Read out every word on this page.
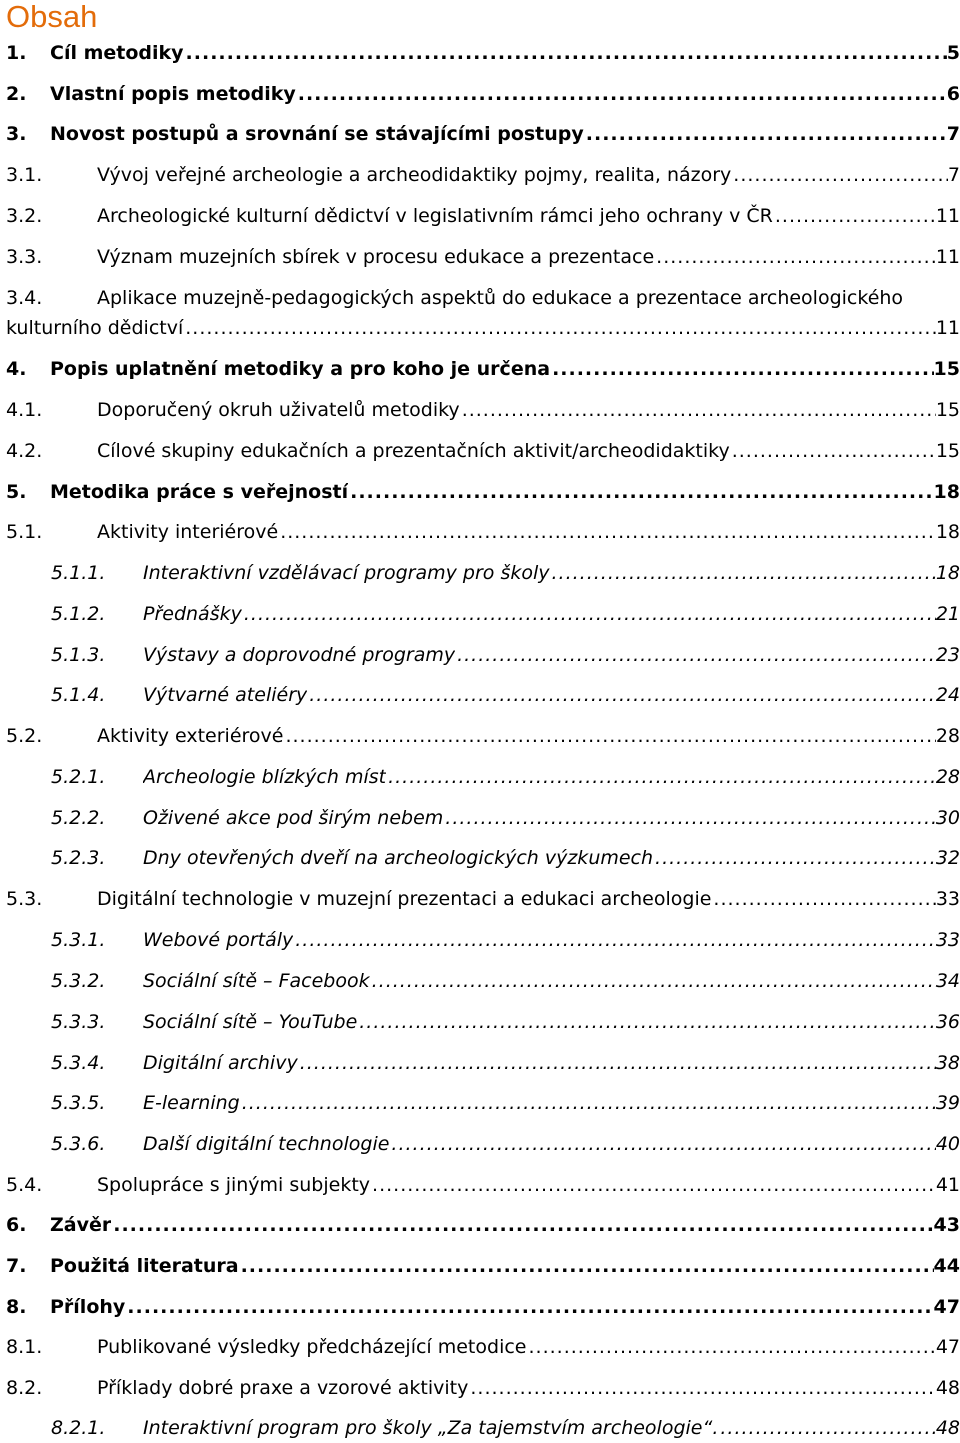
Obsah
1. Cíl metodiky .....	5
2. Vlastní popis metodiky .....	6
3. Novost postupů a srovnání se stávajícími postupy .....	7
3.1.	Vývoj veřejné archeologie a archeodidaktiky pojmy, realita, názory .....	7
3.2.	Archeologické kulturní dědictví v legislativním rámci jeho ochrany v ČR .....	11
3.3.	Význam muzejních sbírek v procesu edukace a prezentace .....	11
3.4.	Aplikace muzejně-pedagogických aspektů do edukace a prezentace archeologického
kulturního dědictví .....	11
4. Popis uplatnění metodiky a pro koho je určena .....	15
4.1.	Doporučený okruh uživatelů metodiky .....	15
4.2.	Cílové skupiny edukačních a prezentačních aktivit/archeodidaktiky .....	15
5. Metodika práce s veřejností .....	18
5.1.	Aktivity interiérové .....	18
5.1.1. Interaktivní vzdělávací programy pro školy .....	18
5.1.2. Přednášky .....	21
5.1.3. Výstavy a doprovodné programy .....	23
5.1.4. Výtvarné ateliéry .....	24
5.2.	Aktivity exteriérové .....	28
5.2.1. Archeologie blízkých míst .....	28
5.2.2. Oživené akce pod širým nebem .....	30
5.2.3. Dny otevřených dveří na archeologických výzkumech .....	32
5.3.	Digitální technologie v muzejní prezentaci a edukaci archeologie .....	33
5.3.1. Webové portály .....	33
5.3.2. Sociální sítě – Facebook .....	34
5.3.3. Sociální sítě – YouTube .....	36
5.3.4. Digitální archivy .....	38
5.3.5. E-learning .....	39
5.3.6. Další digitální technologie .....	40
5.4.	Spolupráce s jinými subjekty .....	41
6. Závěr .....	43
7. Použitá literatura .....	44
8. Přílohy .....	47
8.1.	Publikované výsledky předcházející metodice .....	47
8.2.	Příklady dobré praxe a vzorové aktivity .....	48
8.2.1. Interaktivní program pro školy „Za tajemstvím archeologie“. .....	48
